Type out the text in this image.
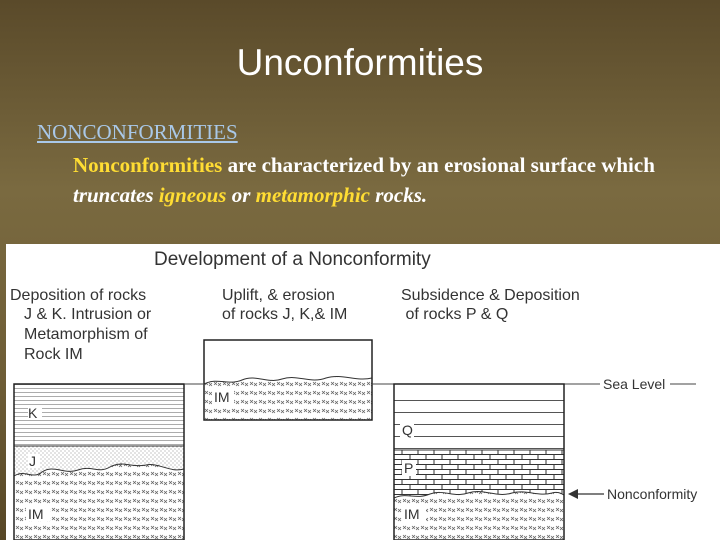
Unconformities
NONCONFORMITIES
Nonconformities are characterized by an erosional surface which truncates igneous or metamorphic rocks.
Development of a Nonconformity
Deposition of rocks
J & K. Intrusion or
Metamorphism of
Rock IM
Uplift, & erosion
of rocks J, K,& IM
Subsidence & Deposition
of rocks P & Q
K
J
IM
IM
Sea Level
Q
P
IM
Nonconformity
